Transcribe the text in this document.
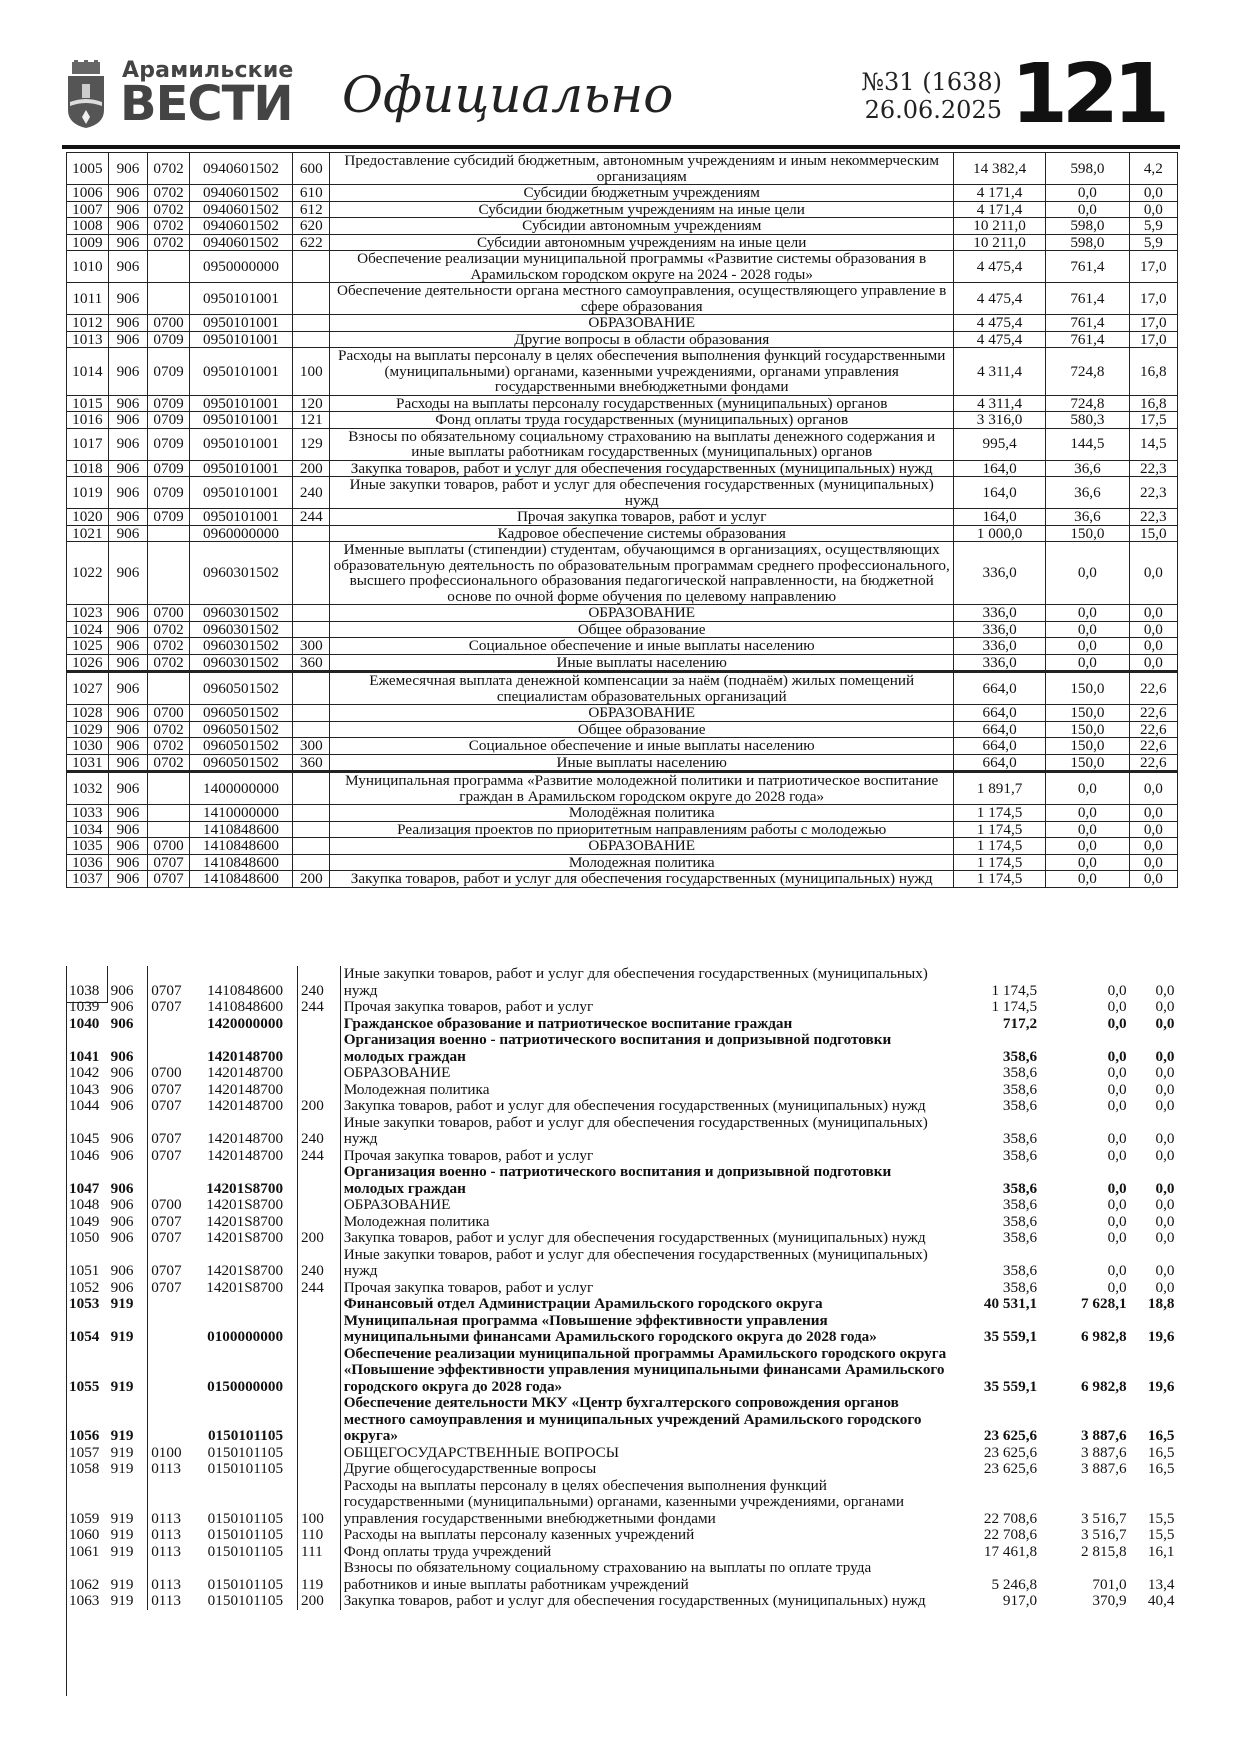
Арамильские
ВЕСТИ Официально	№31 (1638)
26.06.2025 121
1005	906	0702	0940601502	600	Предоставление субсидий бюджетным, автономным учреждениям и иным некоммерческим организациям	14 382,4	598,0	4,2
1006	906	0702	0940601502	610	Субсидии бюджетным учреждениям	4 171,4	0,0	0,0
1007	906	0702	0940601502	612	Субсидии бюджетным учреждениям на иные цели	4 171,4	0,0	0,0
1008	906	0702	0940601502	620	Субсидии автономным учреждениям	10 211,0	598,0	5,9
1009	906	0702	0940601502	622	Субсидии автономным учреждениям на иные цели	10 211,0	598,0	5,9
1010	906		0950000000		Обеспечение реализации муниципальной программы «Развитие системы образования в Арамильском городском округе на 2024 - 2028 годы»	4 475,4	761,4	17,0
1011	906		0950101001		Обеспечение деятельности органа местного самоуправления, осуществляющего управление в сфере образования	4 475,4	761,4	17,0
1012	906	0700	0950101001		ОБРАЗОВАНИЕ	4 475,4	761,4	17,0
1013	906	0709	0950101001		Другие вопросы в области образования	4 475,4	761,4	17,0
1014	906	0709	0950101001	100	Расходы на выплаты персоналу в целях обеспечения выполнения функций государственными (муниципальными) органами, казенными учреждениями, органами управления государственными внебюджетными фондами	4 311,4	724,8	16,8
1015	906	0709	0950101001	120	Расходы на выплаты персоналу государственных (муниципальных) органов	4 311,4	724,8	16,8
1016	906	0709	0950101001	121	Фонд оплаты труда государственных (муниципальных) органов	3 316,0	580,3	17,5
1017	906	0709	0950101001	129	Взносы по обязательному социальному страхованию на выплаты денежного содержания и иные выплаты работникам государственных (муниципальных) органов	995,4	144,5	14,5
1018	906	0709	0950101001	200	Закупка товаров, работ и услуг для обеспечения государственных (муниципальных) нужд	164,0	36,6	22,3
1019	906	0709	0950101001	240	Иные закупки товаров, работ и услуг для обеспечения государственных (муниципальных) нужд	164,0	36,6	22,3
1020	906	0709	0950101001	244	Прочая закупка товаров, работ и услуг	164,0	36,6	22,3
1021	906		0960000000		Кадровое обеспечение системы образования	1 000,0	150,0	15,0
1022	906		0960301502		Именные выплаты (стипендии) студентам, обучающимся в организациях, осуществляющих образовательную деятельность по образовательным программам среднего профессионального, высшего профессионального образования педагогической направленности, на бюджетной основе по очной форме обучения по целевому направлению	336,0	0,0	0,0
1023	906	0700	0960301502		ОБРАЗОВАНИЕ	336,0	0,0	0,0
1024	906	0702	0960301502		Общее образование	336,0	0,0	0,0
1025	906	0702	0960301502	300	Социальное обеспечение и иные выплаты населению	336,0	0,0	0,0
1026	906	0702	0960301502	360	Иные выплаты населению	336,0	0,0	0,0
1027	906		0960501502		Ежемесячная выплата денежной компенсации за наём (поднаём) жилых помещений специалистам образовательных организаций	664,0	150,0	22,6
1028	906	0700	0960501502		ОБРАЗОВАНИЕ	664,0	150,0	22,6
1029	906	0702	0960501502		Общее образование	664,0	150,0	22,6
1030	906	0702	0960501502	300	Социальное обеспечение и иные выплаты населению	664,0	150,0	22,6
1031	906	0702	0960501502	360	Иные выплаты населению	664,0	150,0	22,6
1032	906		1400000000		Муниципальная программа «Развитие молодежной политики и патриотическое воспитание граждан в Арамильском городском округе до 2028 года»	1 891,7	0,0	0,0
1033	906		1410000000		Молодёжная политика	1 174,5	0,0	0,0
1034	906		1410848600		Реализация проектов по приоритетным направлениям работы с молодежью	1 174,5	0,0	0,0
1035	906	0700	1410848600		ОБРАЗОВАНИЕ	1 174,5	0,0	0,0
1036	906	0707	1410848600		Молодежная политика	1 174,5	0,0	0,0
1037	906	0707	1410848600	200	Закупка товаров, работ и услуг для обеспечения государственных (муниципальных) нужд	1 174,5	0,0	0,0
1038	906	0707	1410848600	240	Иные закупки товаров, работ и услуг для обеспечения государственных (муниципальных) нужд	1 174,5	0,0	0,0
1039	906	0707	1410848600	244	Прочая закупка товаров, работ и услуг	1 174,5	0,0	0,0
1040	906		1420000000		Гражданское образование и патриотическое воспитание граждан	717,2	0,0	0,0
1041	906		1420148700		Организация военно - патриотического воспитания и допризывной подготовки молодых граждан	358,6	0,0	0,0
1042	906	0700	1420148700		ОБРАЗОВАНИЕ	358,6	0,0	0,0
1043	906	0707	1420148700		Молодежная политика	358,6	0,0	0,0
1044	906	0707	1420148700	200	Закупка товаров, работ и услуг для обеспечения государственных (муниципальных) нужд	358,6	0,0	0,0
1045	906	0707	1420148700	240	Иные закупки товаров, работ и услуг для обеспечения государственных (муниципальных) нужд	358,6	0,0	0,0
1046	906	0707	1420148700	244	Прочая закупка товаров, работ и услуг	358,6	0,0	0,0
1047	906		14201S8700		Организация военно - патриотического воспитания и допризывной подготовки молодых граждан	358,6	0,0	0,0
1048	906	0700	14201S8700		ОБРАЗОВАНИЕ	358,6	0,0	0,0
1049	906	0707	14201S8700		Молодежная политика	358,6	0,0	0,0
1050	906	0707	14201S8700	200	Закупка товаров, работ и услуг для обеспечения государственных (муниципальных) нужд	358,6	0,0	0,0
1051	906	0707	14201S8700	240	Иные закупки товаров, работ и услуг для обеспечения государственных (муниципальных) нужд	358,6	0,0	0,0
1052	906	0707	14201S8700	244	Прочая закупка товаров, работ и услуг	358,6	0,0	0,0
1053	919				Финансовый отдел Администрации Арамильского городского округа	40 531,1	7 628,1	18,8
1054	919		0100000000		Муниципальная программа «Повышение эффективности управления муниципальными финансами Арамильского городского округа до 2028 года»	35 559,1	6 982,8	19,6
1055	919		0150000000		Обеспечение реализации муниципальной программы Арамильского городского округа «Повышение эффективности управления муниципальными финансами Арамильского городского округа до 2028 года»	35 559,1	6 982,8	19,6
1056	919		0150101105		Обеспечение деятельности МКУ «Центр бухгалтерского сопровождения органов местного самоуправления и муниципальных учреждений Арамильского городского округа»	23 625,6	3 887,6	16,5
1057	919	0100	0150101105		ОБЩЕГОСУДАРСТВЕННЫЕ ВОПРОСЫ	23 625,6	3 887,6	16,5
1058	919	0113	0150101105		Другие общегосударственные вопросы	23 625,6	3 887,6	16,5
1059	919	0113	0150101105	100	Расходы на выплаты персоналу в целях обеспечения выполнения функций государственными (муниципальными) органами, казенными учреждениями, органами управления государственными внебюджетными фондами	22 708,6	3 516,7	15,5
1060	919	0113	0150101105	110	Расходы на выплаты персоналу казенных учреждений	22 708,6	3 516,7	15,5
1061	919	0113	0150101105	111	Фонд оплаты труда учреждений	17 461,8	2 815,8	16,1
1062	919	0113	0150101105	119	Взносы по обязательному социальному страхованию на выплаты по оплате труда работников и иные выплаты работникам учреждений	5 246,8	701,0	13,4
1063	919	0113	0150101105	200	Закупка товаров, работ и услуг для обеспечения государственных (муниципальных) нужд	917,0	370,9	40,4
